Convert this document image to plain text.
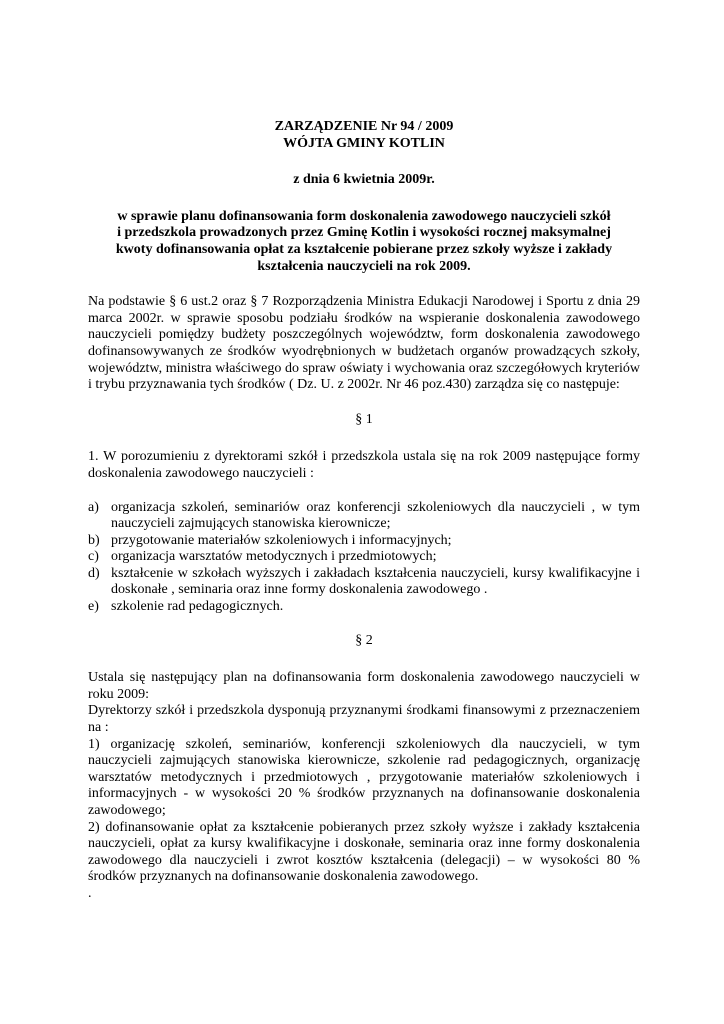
ZARZĄDZENIE Nr 94 / 2009

WÓJTA GMINY KOTLIN

z dnia 6 kwietnia 2009r.

w sprawie planu dofinansowania form doskonalenia zawodowego nauczycieli szkół

i przedszkola prowadzonych przez Gminę Kotlin i wysokości rocznej maksymalnej

kwoty dofinansowania opłat za kształcenie pobierane przez szkoły wyższe i zakłady

kształcenia nauczycieli na rok 2009.

Na podstawie § 6 ust.2 oraz § 7 Rozporządzenia Ministra Edukacji Narodowej i Sportu z dnia 29 marca 2002r. w sprawie sposobu podziału środków na wspieranie doskonalenia zawodowego nauczycieli pomiędzy budżety poszczególnych województw, form doskonalenia zawodowego dofinansowywanych ze środków wyodrębnionych w budżetach organów prowadzących szkoły, województw, ministra właściwego do spraw oświaty i wychowania oraz szczegółowych kryteriów i trybu przyznawania tych środków ( Dz. U. z 2002r. Nr 46 poz.430) zarządza się co następuje:

§ 1

1. W porozumieniu z dyrektorami szkół i przedszkola ustala się na rok 2009 następujące formy doskonalenia zawodowego nauczycieli :

a) organizacja szkoleń, seminariów oraz konferencji szkoleniowych dla nauczycieli , w tym nauczycieli zajmujących stanowiska kierownicze;
b) przygotowanie materiałów szkoleniowych i informacyjnych;
c) organizacja warsztatów metodycznych i przedmiotowych;
d) kształcenie w szkołach wyższych i zakładach kształcenia nauczycieli, kursy kwalifikacyjne i doskonałe , seminaria oraz inne formy doskonalenia zawodowego .
e) szkolenie rad pedagogicznych.

§ 2

Ustala się następujący plan na dofinansowania form doskonalenia zawodowego nauczycieli w roku 2009:

Dyrektorzy szkół i przedszkola dysponują przyznanymi środkami finansowymi z przeznaczeniem na :

1) organizację szkoleń, seminariów, konferencji szkoleniowych dla nauczycieli, w tym nauczycieli zajmujących stanowiska kierownicze, szkolenie rad pedagogicznych, organizację warsztatów metodycznych i przedmiotowych , przygotowanie materiałów szkoleniowych i informacyjnych - w wysokości 20 % środków przyznanych na dofinansowanie doskonalenia zawodowego;

2) dofinansowanie opłat za kształcenie pobieranych przez szkoły wyższe i zakłady kształcenia nauczycieli, opłat za kursy kwalifikacyjne i doskonałe, seminaria oraz inne formy doskonalenia zawodowego dla nauczycieli i zwrot kosztów kształcenia (delegacji) – w wysokości 80 % środków przyznanych na dofinansowanie doskonalenia zawodowego.

.
